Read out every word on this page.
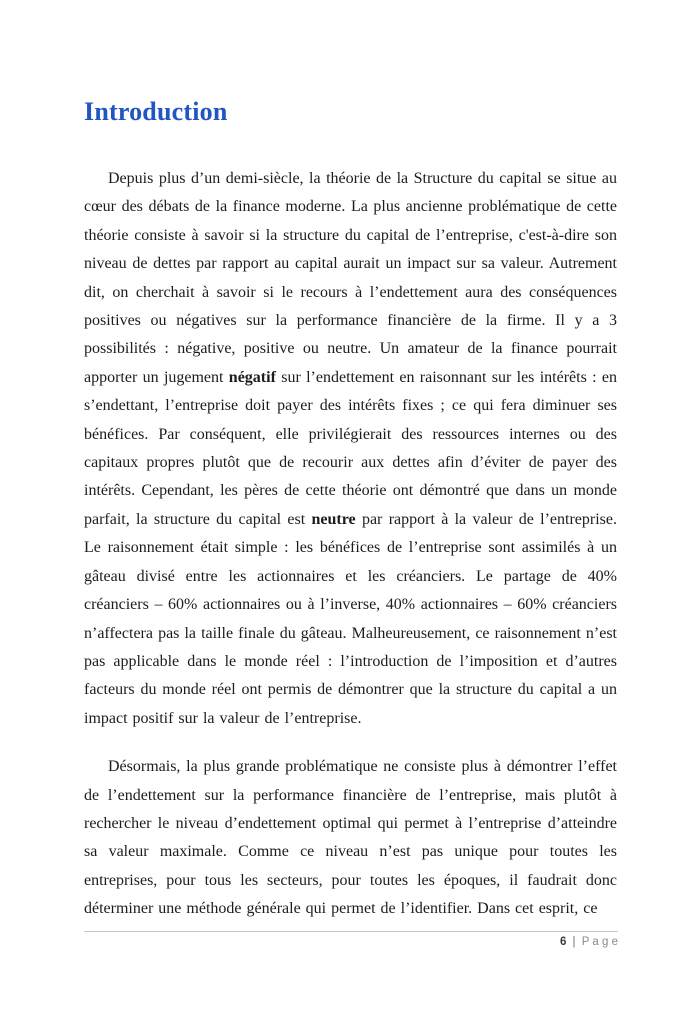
Introduction

Depuis plus d’un demi-siècle, la théorie de la Structure du capital se situe au cœur des débats de la finance moderne. La plus ancienne problématique de cette théorie consiste à savoir si la structure du capital de l’entreprise, c'est-à-dire son niveau de dettes par rapport au capital aurait un impact sur sa valeur. Autrement dit, on cherchait à savoir si le recours à l’endettement aura des conséquences positives ou négatives sur la performance financière de la firme. Il y a 3 possibilités : négative, positive ou neutre. Un amateur de la finance pourrait apporter un jugement négatif sur l’endettement en raisonnant sur les intérêts : en s’endettant, l’entreprise doit payer des intérêts fixes ; ce qui fera diminuer ses bénéfices. Par conséquent, elle privilégierait des ressources internes ou des capitaux propres plutôt que de recourir aux dettes afin d’éviter de payer des intérêts. Cependant, les pères de cette théorie ont démontré que dans un monde parfait, la structure du capital est neutre par rapport à la valeur de l’entreprise. Le raisonnement était simple : les bénéfices de l’entreprise sont assimilés à un gâteau divisé entre les actionnaires et les créanciers. Le partage de 40% créanciers – 60% actionnaires ou à l’inverse, 40% actionnaires – 60% créanciers n’affectera pas la taille finale du gâteau. Malheureusement, ce raisonnement n’est pas applicable dans le monde réel : l’introduction de l’imposition et d’autres facteurs du monde réel ont permis de démontrer que la structure du capital a un impact positif sur la valeur de l’entreprise.

Désormais, la plus grande problématique ne consiste plus à démontrer l’effet de l’endettement sur la performance financière de l’entreprise, mais plutôt à rechercher le niveau d’endettement optimal qui permet à l’entreprise d’atteindre sa valeur maximale. Comme ce niveau n’est pas unique pour toutes les entreprises, pour tous les secteurs, pour toutes les époques, il faudrait donc déterminer une méthode générale qui permet de l’identifier. Dans cet esprit, ce

6 | P a g e
